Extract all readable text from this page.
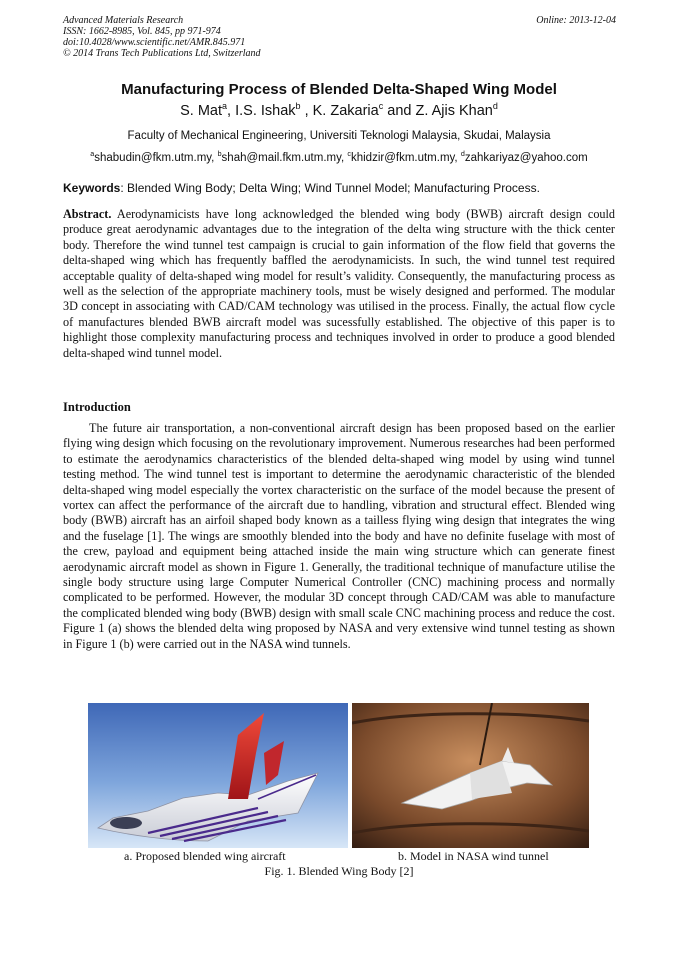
Advanced Materials Research
ISSN: 1662-8985, Vol. 845, pp 971-974
doi:10.4028/www.scientific.net/AMR.845.971
© 2014 Trans Tech Publications Ltd, Switzerland
Online: 2013-12-04
Manufacturing Process of Blended Delta-Shaped Wing Model
S. Mat$^a$, I.S. Ishak$^b$ , K. Zakaria$^c$ and Z. Ajis Khan$^d$
Faculty of Mechanical Engineering, Universiti Teknologi Malaysia, Skudai, Malaysia
$^a$shabudin@fkm.utm.my, $^b$shah@mail.fkm.utm.my, $^c$khidzir@fkm.utm.my, $^d$zahkariyaz@yahoo.com
Keywords: Blended Wing Body; Delta Wing; Wind Tunnel Model; Manufacturing Process.

Abstract. Aerodynamicists have long acknowledged the blended wing body (BWB) aircraft design could produce great aerodynamic advantages due to the integration of the delta wing structure with the thick center body. Therefore the wind tunnel test campaign is crucial to gain information of the flow field that governs the delta-shaped wing which has frequently baffled the aerodynamicists. In such, the wind tunnel test required acceptable quality of delta-shaped wing model for result’s validity. Consequently, the manufacturing process as well as the selection of the appropriate machinery tools, must be wisely designed and performed. The modular 3D concept in associating with CAD/CAM technology was utilised in the process. Finally, the actual flow cycle of manufactures blended BWB aircraft model was sucessfully established. The objective of this paper is to highlight those complexity manufacturing process and techniques involved in order to produce a good blended delta-shaped wind tunnel model.

Introduction

The future air transportation, a non-conventional aircraft design has been proposed based on the earlier flying wing design which focusing on the revolutionary improvement. Numerous researches had been performed to estimate the aerodynamics characteristics of the blended delta-shaped wing model by using wind tunnel testing method. The wind tunnel test is important to determine the aerodynamic characteristic of the blended delta-shaped wing model especially the vortex characteristic on the surface of the model because the present of vortex can affect the performance of the aircraft due to handling, vibration and structural effect. Blended wing body (BWB) aircraft has an airfoil shaped body known as a tailless flying wing design that integrates the wing and the fuselage [1]. The wings are smoothly blended into the body and have no definite fuselage with most of the crew, payload and equipment being attached inside the main wing structure which can generate finest aerodynamic aircraft model as shown in Figure 1. Generally, the traditional technique of manufacture utilise the single body structure using large Computer Numerical Controller (CNC) machining process and normally complicated to be performed. However, the modular 3D concept through CAD/CAM was able to manufacture the complicated blended wing body (BWB) design with small scale CNC machining process and reduce the cost. Figure 1 (a) shows the blended delta wing proposed by NASA and very extensive wind tunnel testing as shown in Figure 1 (b) were carried out in the NASA wind tunnels.

a. Proposed blended wing aircraft	b. Model in NASA wind tunnel
Fig. 1. Blended Wing Body [2]
